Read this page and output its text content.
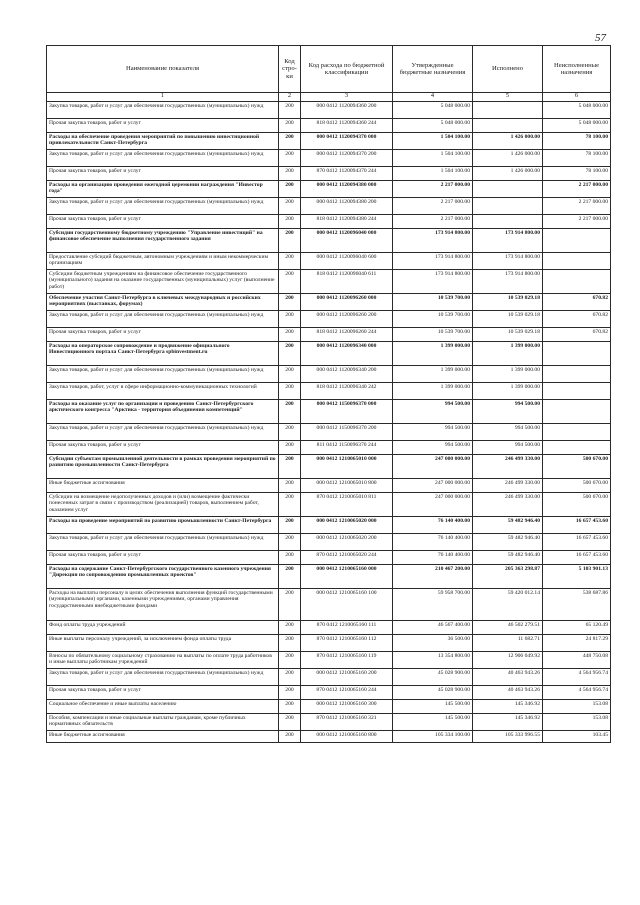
57
Наименование показателя	Код стро-ки	Код расхода по бюджетной классификации	Утвержденные бюджетные назначения	Исполнено	Неисполненные назначения
1	2	3	4	5	6
Закупка товаров, работ и услуг для обеспечения государственных (муниципальных) нужд	200	000 0412 1120094360 200	5 048 000.00		5 048 000.00
Прочая закупка товаров, работ и услуг	200	818 0412 1120094360 244	5 048 000.00		5 048 000.00
Расходы на обеспечение проведения мероприятий по повышению инвестиционной привлекательности Санкт-Петербурга	200	000 0412 1120094370 000	1 504 100.00	1 426 000.00	78 100.00
Закупка товаров, работ и услуг для обеспечения государственных (муниципальных) нужд	200	000 0412 1120094370 200	1 504 100.00	1 426 000.00	78 100.00
Прочая закупка товаров, работ и услуг	200	870 0412 1120094370 244	1 504 100.00	1 426 000.00	78 100.00
Расходы на организацию проведения ежегодной церемонии награждения "Инвестор года"	200	000 0412 1120094380 000	2 217 000.00		2 217 000.00
Закупка товаров, работ и услуг для обеспечения государственных (муниципальных) нужд	200	000 0412 1120094380 200	2 217 000.00		2 217 000.00
Прочая закупка товаров, работ и услуг	200	818 0412 1120094380 244	2 217 000.00		2 217 000.00
Субсидии государственному бюджетному учреждению "Управление инвестиций" на финансовое обеспечение выполнения государственного задания	200	000 0412 1120096040 000	173 914 800.00	173 914 800.00	
Предоставление субсидий бюджетным, автономным учреждениям и иным некоммерческим организациям	200	000 0412 1120096040 600	173 914 800.00	173 914 800.00	
Субсидии бюджетным учреждениям на финансовое обеспечение государственного (муниципального) задания на оказание государственных (муниципальных) услуг (выполнение работ)	200	818 0412 1120096040 611	173 914 800.00	173 914 800.00	
Обеспечение участия Санкт-Петербурга в ключевых международных и российских мероприятиях (выставках, форумах)	200	000 0412 1120096260 000	10 539 700.00	10 539 029.18	670.82
Закупка товаров, работ и услуг для обеспечения государственных (муниципальных) нужд	200	000 0412 1120096260 200	10 539 700.00	10 539 029.18	670.82
Прочая закупка товаров, работ и услуг	200	818 0412 1120096260 244	10 539 700.00	10 539 029.18	670.82
Расходы на операторское сопровождение и продвижение официального Инвестиционного портала Санкт-Петербурга spbinvestment.ru	200	000 0412 1120096340 000	1 399 000.00	1 399 000.00	
Закупка товаров, работ и услуг для обеспечения государственных (муниципальных) нужд	200	000 0412 1120096340 200	1 399 000.00	1 399 000.00	
Закупка товаров, работ, услуг в сфере информационно-коммуникационных технологий	200	818 0412 1120096340 242	1 399 000.00	1 399 000.00	
Расходы на оказание услуг по организации и проведению Санкт-Петербургского арктического конгресса "Арктика - территория объединения компетенций"	200	000 0412 1150096370 000	994 500.00	994 500.00	
Закупка товаров, работ и услуг для обеспечения государственных (муниципальных) нужд	200	000 0412 1150096370 200	994 500.00	994 500.00	
Прочая закупка товаров, работ и услуг	200	811 0412 1150096370 244	994 500.00	994 500.00	
Субсидии субъектам промышленной деятельности в рамках проведения мероприятий по развитию промышленности Санкт-Петербурга	200	000 0412 1210065010 000	247 000 000.00	246 499 330.00	500 670.00
Иные бюджетные ассигнования	200	000 0412 1210065010 800	247 000 000.00	246 499 330.00	500 670.00
Субсидии на возмещение недополученных доходов и (или) возмещение фактически понесенных затрат в связи с производством (реализацией) товаров, выполнением работ, оказанием услуг	200	870 0412 1210065010 811	247 000 000.00	246 499 330.00	500 670.00
Расходы на проведение мероприятий по развитию промышленности Санкт-Петербурга	200	000 0412 1210065020 000	76 140 400.00	59 482 946.40	16 657 453.60
Закупка товаров, работ и услуг для обеспечения государственных (муниципальных) нужд	200	000 0412 1210065020 200	76 140 400.00	59 482 946.40	16 657 453.60
Прочая закупка товаров, работ и услуг	200	870 0412 1210065020 244	76 140 400.00	59 482 946.40	16 657 453.60
Расходы на содержание Санкт-Петербургского государственного казенного учреждения "Дирекция по сопровождению промышленных проектов"	200	000 0412 1210065160 000	210 467 200.00	205 363 298.87	5 103 901.13
Расходы на выплаты персоналу в целях обеспечения выполнения функций государственными (муниципальными) органами, казенными учреждениями, органами управления государственными внебюджетными фондами	200	000 0412 1210065160 100	59 958 700.00	59 420 012.14	538 687.86
Фонд оплаты труда учреждений	200	870 0412 1210065160 111	46 567 400.00	46 502 279.51	65 120.49
Иные выплаты персоналу учреждений, за исключением фонда оплаты труда	200	870 0412 1210065160 112	36 500.00	11 682.71	24 817.29
Взносы по обязательному социальному страхованию на выплаты по оплате труда работников и иные выплаты работникам учреждений	200	870 0412 1210065160 119	13 354 800.00	12 906 049.92	448 750.08
Закупка товаров, работ и услуг для обеспечения государственных (муниципальных) нужд	200	000 0412 1210065160 200	45 028 900.00	40 463 943.26	4 564 956.74
Прочая закупка товаров, работ и услуг	200	870 0412 1210065160 244	45 028 900.00	40 463 943.26	4 564 956.74
Социальное обеспечение и иные выплаты населению	200	000 0412 1210065160 300	145 500.00	145 346.92	153.08
Пособия, компенсации и иные социальные выплаты гражданам, кроме публичных нормативных обязательств	200	870 0412 1210065160 321	145 500.00	145 346.92	153.08
Иные бюджетные ассигнования	200	000 0412 1210065160 800	105 334 100.00	105 333 996.55	103.45
